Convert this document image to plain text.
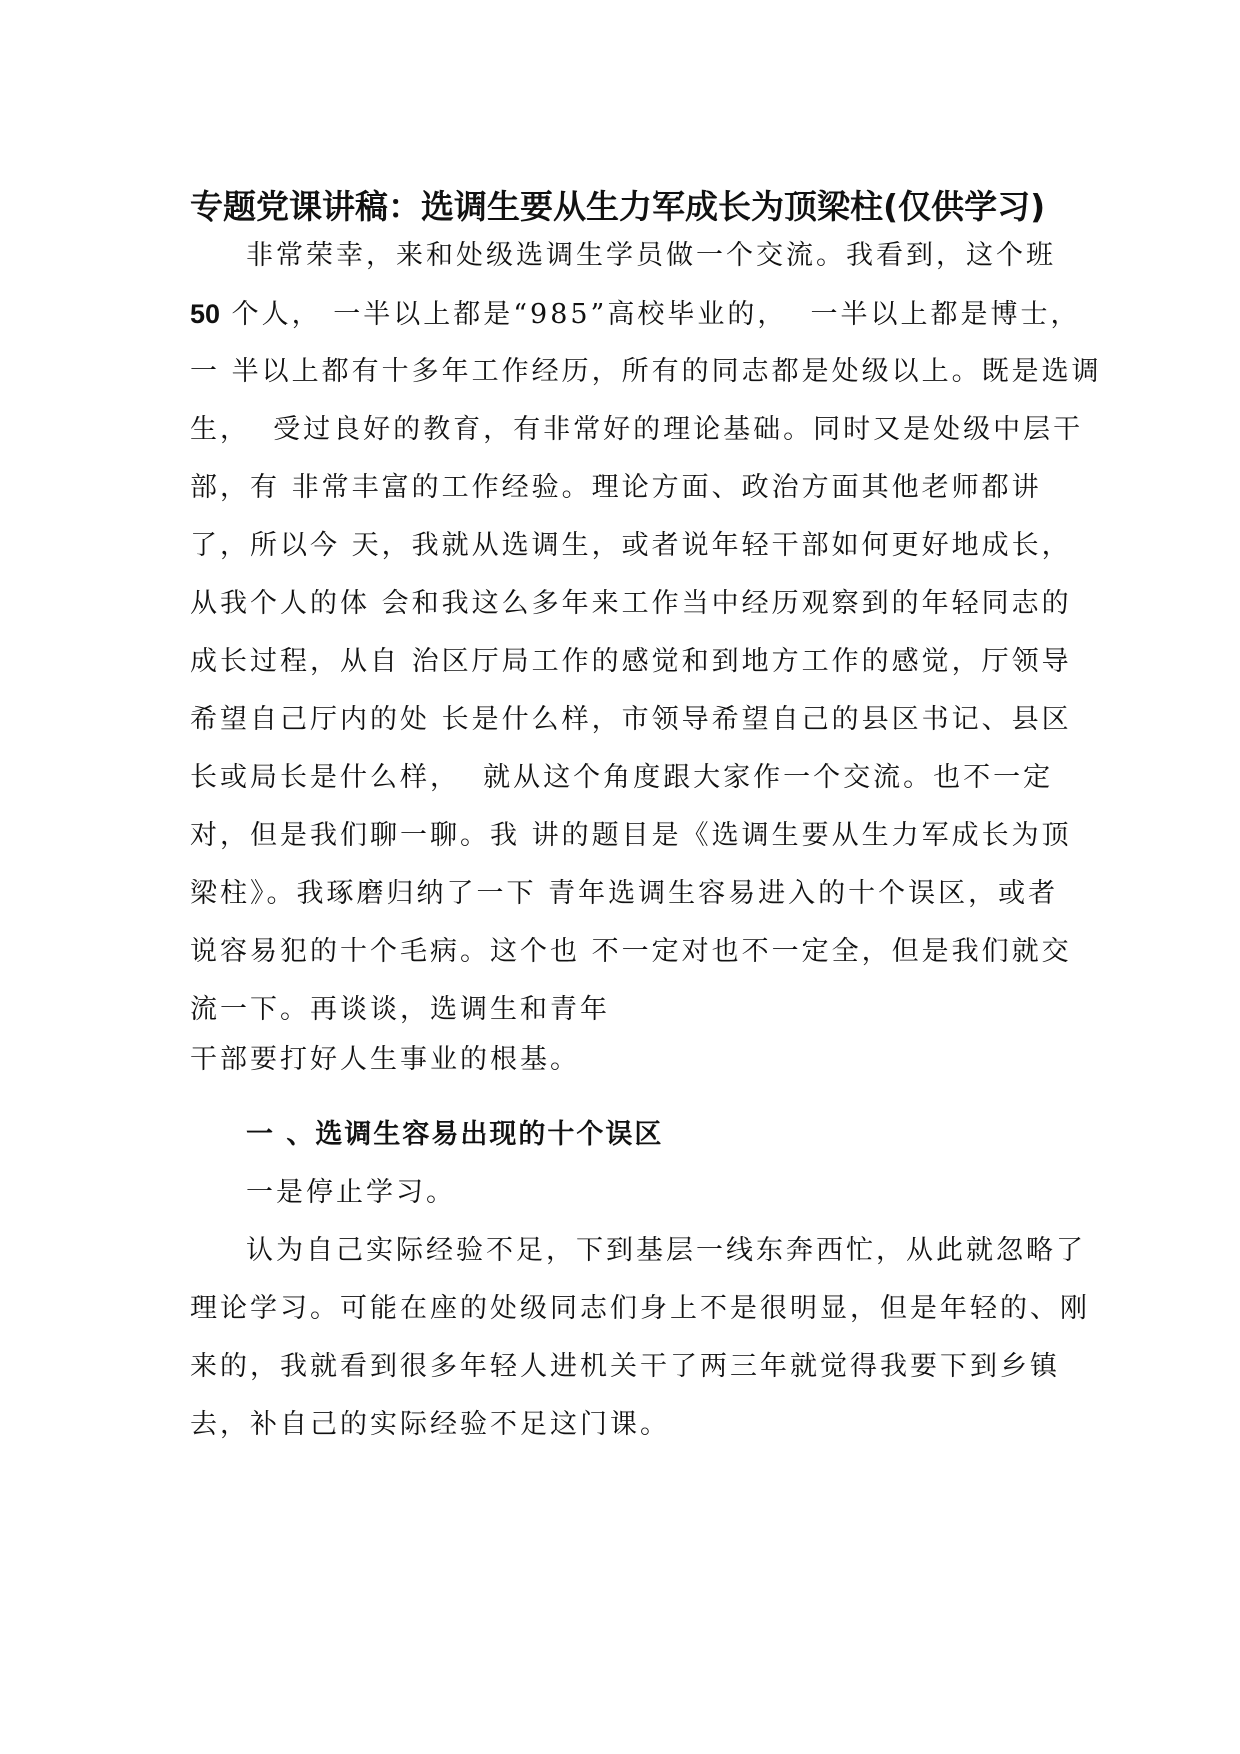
专题党课讲稿：选调生要从生力军成长为顶梁柱(仅供学习)

非常荣幸，来和处级选调生学员做一个交流。我看到，这个班

50 个人， 一半以上都是“985”高校毕业的，  一半以上都是博士，

一 半以上都有十多年工作经历，所有的同志都是处级以上。既是选调

生，  受过良好的教育，有非常好的理论基础。同时又是处级中层干

部，有 非常丰富的工作经验。理论方面、政治方面其他老师都讲

了，所以今 天，我就从选调生，或者说年轻干部如何更好地成长，

从我个人的体 会和我这么多年来工作当中经历观察到的年轻同志的

成长过程，从自 治区厅局工作的感觉和到地方工作的感觉，厅领导

希望自己厅内的处 长是什么样，市领导希望自己的县区书记、县区

长或局长是什么样，  就从这个角度跟大家作一个交流。也不一定

对，但是我们聊一聊。我 讲的题目是《选调生要从生力军成长为顶

梁柱》。我琢磨归纳了一下 青年选调生容易进入的十个误区，或者

说容易犯的十个毛病。这个也 不一定对也不一定全，但是我们就交

流一下。再谈谈，选调生和青年

干部要打好人生事业的根基。

一 、选调生容易出现的十个误区

一是停止学习。

认为自己实际经验不足，下到基层一线东奔西忙，从此就忽略了

理论学习。可能在座的处级同志们身上不是很明显，但是年轻的、刚

来的，我就看到很多年轻人进机关干了两三年就觉得我要下到乡镇

去，补自己的实际经验不足这门课。
